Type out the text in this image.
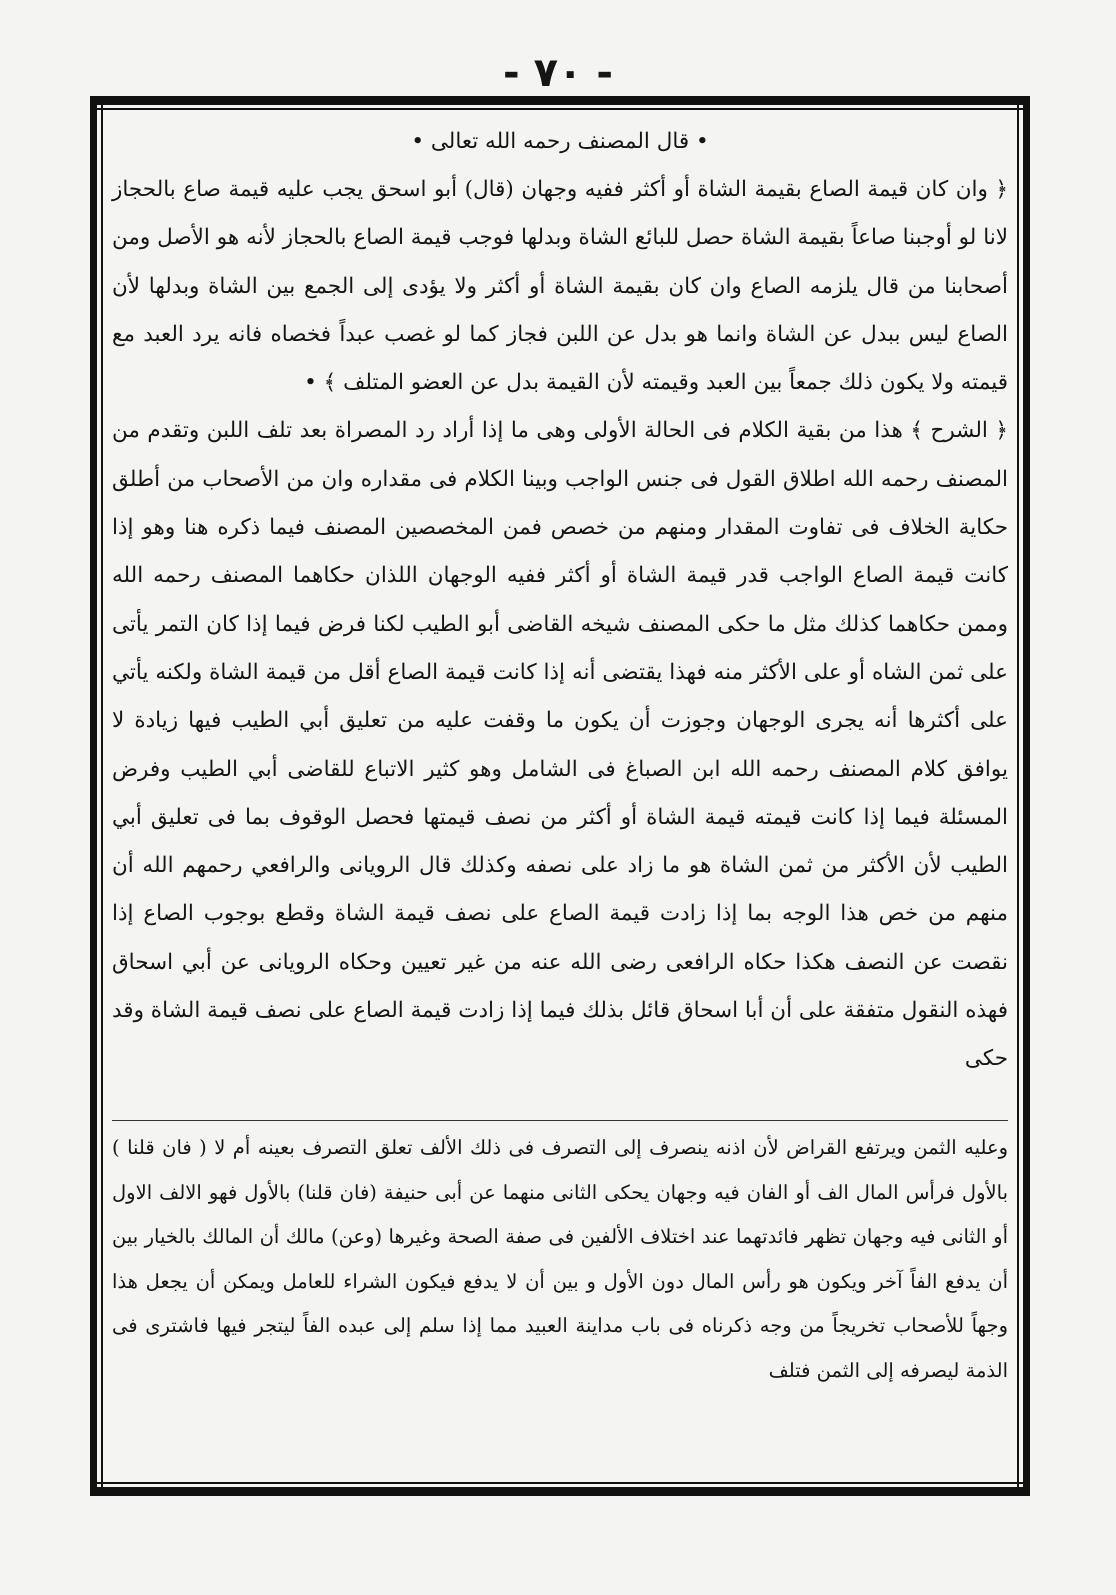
- ٧٠ -

• قال المصنف رحمه الله تعالى •

﴿ وان كان قيمة الصاع بقيمة الشاة أو أكثر ففيه وجهان (قال) أبو اسحق يجب عليه قيمة صاع بالحجاز لانا لو أوجبنا صاعاً بقيمة الشاة حصل للبائع الشاة وبدلها فوجب قيمة الصاع بالحجاز لأنه هو الأصل ومن أصحابنا من قال يلزمه الصاع وان كان بقيمة الشاة أو أكثر ولا يؤدى إلى الجمع بين الشاة وبدلها لأن الصاع ليس ببدل عن الشاة وانما هو بدل عن اللبن فجاز كما لو غصب عبداً فخصاه فانه يرد العبد مع قيمته ولا يكون ذلك جمعاً بين العبد وقيمته لأن القيمة بدل عن العضو المتلف ﴾ •

﴿ الشرح ﴾ هذا من بقية الكلام فى الحالة الأولى وهى ما إذا أراد رد المصراة بعد تلف اللبن وتقدم من المصنف رحمه الله اطلاق القول فى جنس الواجب وبينا الكلام فى مقداره وان من الأصحاب من أطلق حكاية الخلاف فى تفاوت المقدار ومنهم من خصص فمن المخصصين المصنف فيما ذكره هنا وهو إذا كانت قيمة الصاع الواجب قدر قيمة الشاة أو أكثر ففيه الوجهان اللذان حكاهما المصنف رحمه الله وممن حكاهما كذلك مثل ما حكى المصنف شيخه القاضى أبو الطيب لكنا فرض فيما إذا كان التمر يأتى على ثمن الشاه أو على الأكثر منه فهذا يقتضى أنه إذا كانت قيمة الصاع أقل من قيمة الشاة ولكنه يأتي على أكثرها أنه يجرى الوجهان وجوزت أن يكون ما وقفت عليه من تعليق أبي الطيب فيها زيادة لا يوافق كلام المصنف رحمه الله ابن الصباغ فى الشامل وهو كثير الاتباع للقاضى أبي الطيب وفرض المسئلة فيما إذا كانت قيمته قيمة الشاة أو أكثر من نصف قيمتها فحصل الوقوف بما فى تعليق أبي الطيب لأن الأكثر من ثمن الشاة هو ما زاد على نصفه وكذلك قال الرويانى والرافعي رحمهم الله أن منهم من خص هذا الوجه بما إذا زادت قيمة الصاع على نصف قيمة الشاة وقطع بوجوب الصاع إذا نقصت عن النصف هكذا حكاه الرافعى رضى الله عنه من غير تعيين وحكاه الرويانى عن أبي اسحاق فهذه النقول متفقة على أن أبا اسحاق قائل بذلك فيما إذا زادت قيمة الصاع على نصف قيمة الشاة وقد حكى

وعليه الثمن ويرتفع القراض لأن اذنه ينصرف إلى التصرف فى ذلك الألف تعلق التصرف بعينه أم لا ( فان قلنا ) بالأول فرأس المال الف أو الفان فيه وجهان يحكى الثانى منهما عن أبى حنيفة (فان قلنا) بالأول فهو الالف الاول أو الثانى فيه وجهان تظهر فائدتهما عند اختلاف الألفين فى صفة الصحة وغيرها (وعن) مالك أن المالك بالخيار بين أن يدفع الفاً آخر ويكون هو رأس المال دون الأول و بين أن لا يدفع فيكون الشراء للعامل ويمكن أن يجعل هذا وجهاً للأصحاب تخريجاً من وجه ذكرناه فى باب مداينة العبيد مما إذا سلم إلى عبده الفاً ليتجر فيها فاشترى فى الذمة ليصرفه إلى الثمن فتلف
